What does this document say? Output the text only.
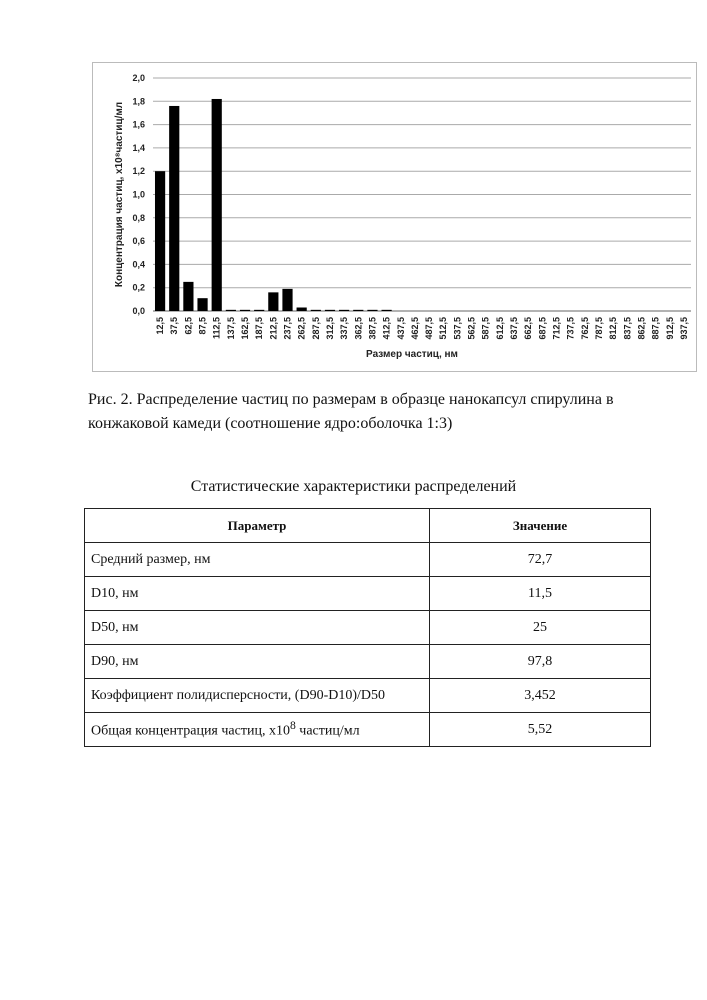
0,0
0,2
0,4
0,6
0,8
1,0
1,2
1,4
1,6
1,8
2,0
12,5 37,5 62,5 87,5 112,5 137,5 162,5 187,5 212,5 237,5 262,5 287,5 312,5 337,5 362,5 387,5 412,5 437,5 462,5 487,5 512,5 537,5 562,5 587,5 612,5 637,5 662,5 687,5 712,5 737,5 762,5 787,5 812,5 837,5 862,5 887,5 912,5 937,5
Размер частиц, нм
Концентрация частиц, x10⁸частиц/мл
Рис. 2. Распределение частиц по размерам в образце нанокапсул спирулина в конжаковой камеди (соотношение ядро:оболочка 1:3)
Статистические характеристики распределений
Параметр	Значение
Средний размер, нм	72,7
D10, нм	11,5
D50, нм	25
D90, нм	97,8
Коэффициент полидисперсности, (D90-D10)/D50	3,452
Общая концентрация частиц, x108 частиц/мл	5,52
